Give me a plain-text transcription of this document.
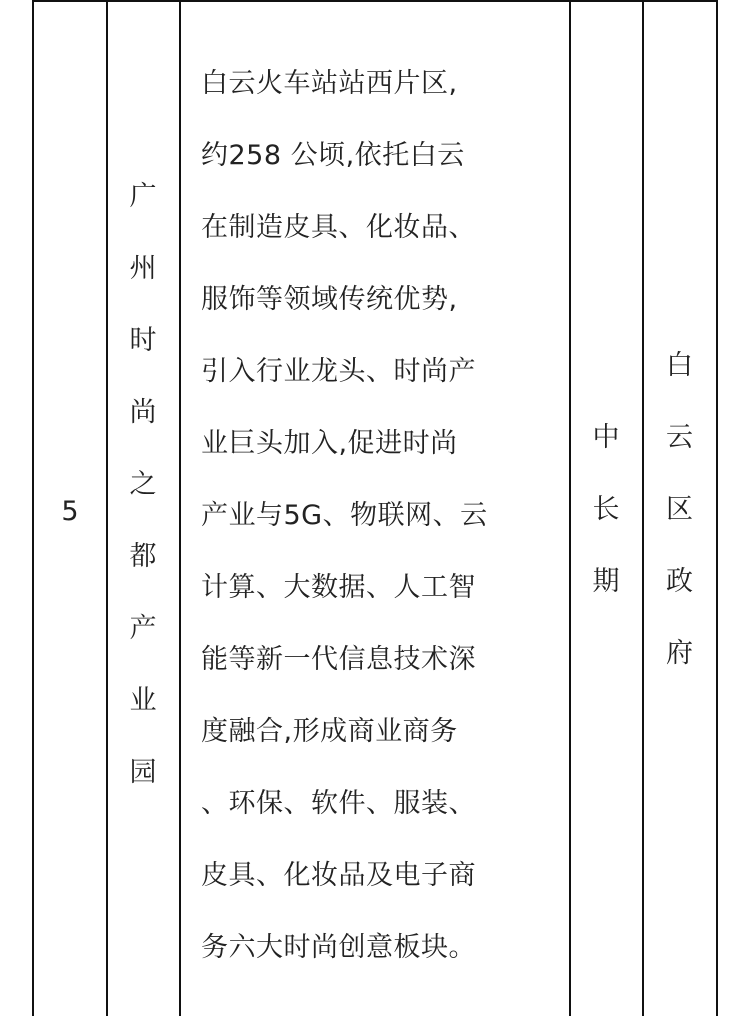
5
广
州
时
尚
之
都
产
业
园
白云火车站站西片区,
约258 公顷,依托白云
在制造皮具、化妆品、
服饰等领域传统优势,
引入行业龙头、时尚产
业巨头加入,促进时尚
产业与5G、物联网、云
计算、大数据、人工智
能等新一代信息技术深
度融合,形成商业商务
、环保、软件、服装、
皮具、化妆品及电子商
务六大时尚创意板块。
中
长
期
白
云
区
政
府
